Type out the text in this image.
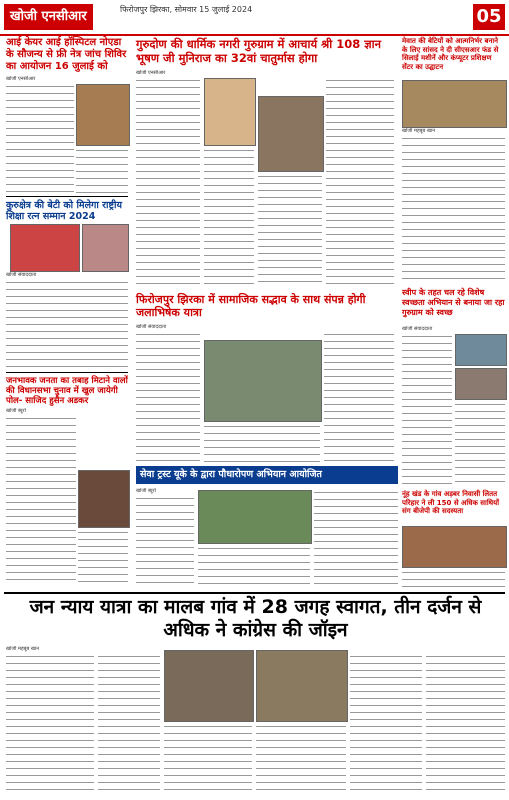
खोजी एनसीआर	फिरोजपुर झिरका, सोमवार 15 जुलाई 2024	05
आई केयर आई हॉस्पिटल नोएडा के सौजन्य से फ्री नेत्र जांच शिविर का आयोजन 16 जुलाई को
खोजी एनसीआर
कुरुक्षेत्र की बेटी को मिलेगा राष्ट्रीय शिक्षा रत्न सम्मान 2024
खोजी संवाददाता
जनभावक जनता का तबाह मिटाने वालों की विधानसभा चुनाव में खुल जायेगी पोल- साजिद हुसैन अडकर
खोजी ब्यूरो
गुरुदोण की धार्मिक नगरी गुरुग्राम में आचार्य श्री 108 ज्ञान भूषण जी मुनिराज का 32वां चातुर्मास होगा
खोजी एनसीआर
फिरोजपुर झिरका में सामाजिक सद्भाव के साथ संपन्न होगी जलाभिषेक यात्रा
खोजी संवाददाता
सेवा ट्रस्ट यूके के द्वारा पौधारोपण अभियान आयोजित
खोजी ब्यूरो
मेवात की बेटियों को आत्मनिर्भर बनाने के लिए सांसद ने दी सीएसआर फंड से सिलाई मशीनें और कंप्यूटर प्रशिक्षण सेंटर का उद्घाटन
खोजी महबूब खान
स्वीप के तहत चल रहे विशेष स्वच्छता अभियान से बनाया जा रहा गुरुग्राम को स्वच्छ
खोजी संवाददाता
नूंह खंड के गांव अड़बर निवासी लितत परिहार ने ली 150 से अधिक साथियों संग बीजेपी की सदस्यता
जन न्याय यात्रा का मालब गांव में 28 जगह स्वागत, तीन दर्जन से अधिक ने कांग्रेस की जॉइन
खोजी महबूब खान
